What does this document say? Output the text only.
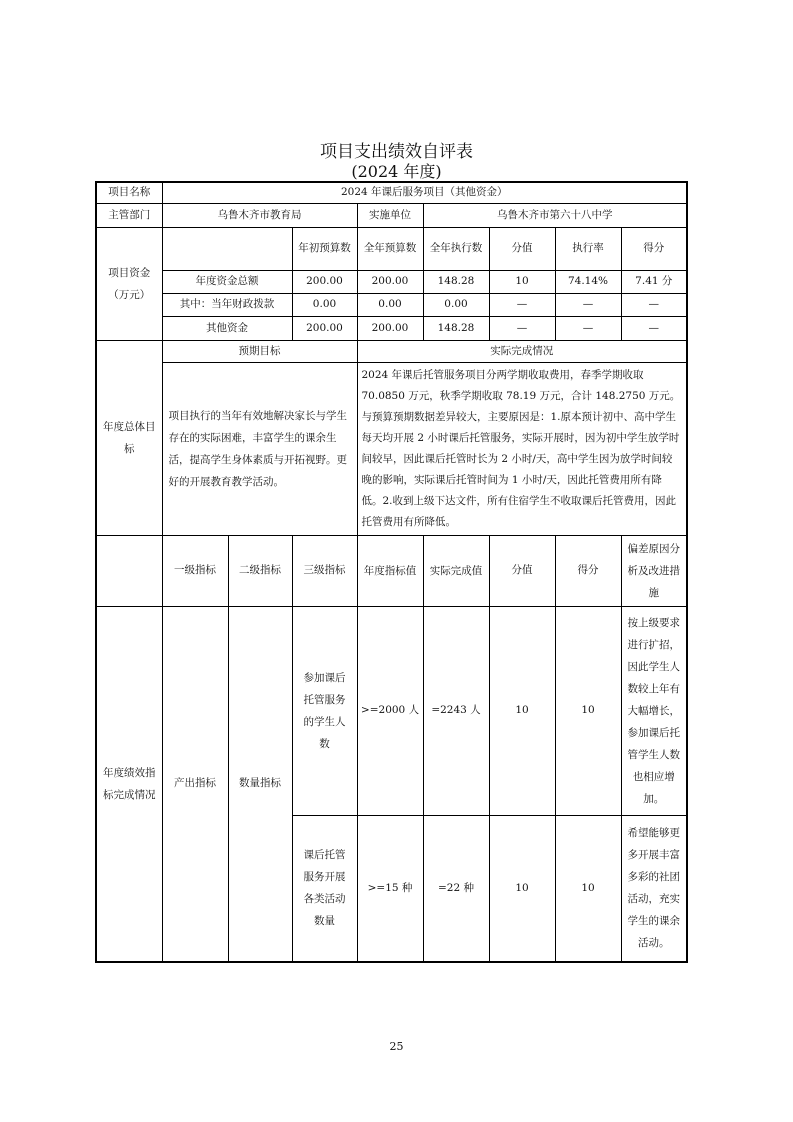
项目支出绩效自评表
(2024 年度)
项目名称	2024 年课后服务项目（其他资金）							
主管部门	乌鲁木齐市教育局			实施单位	乌鲁木齐市第六十八中学			
项目资金（万元）			年初预算数	全年预算数	全年执行数	分值	执行率	得分
	年度资金总额		200.00	200.00	148.28	10	74.14%	7.41 分
	其中：当年财政拨款		0.00	0.00	0.00	—	—	—
	其他资金		200.00	200.00	148.28	—	—	—
年度总体目标	预期目标			实际完成情况				
	项目执行的当年有效地解决家长与学生存在的实际困难，丰富学生的课余生活，提高学生身体素质与开拓视野。更好的开展教育教学活动。			2024 年课后托管服务项目分两学期收取费用，春季学期收取 70.0850 万元，秋季学期收取 78.19 万元，合计 148.2750 万元。与预算预期数据差异较大，主要原因是：1.原本预计初中、高中学生每天均开展 2 小时课后托管服务，实际开展时，因为初中学生放学时间较早，因此课后托管时长为 2 小时/天，高中学生因为放学时间较晚的影响，实际课后托管时间为 1 小时/天，因此托管费用所有降低。2.收到上级下达文件，所有住宿学生不收取课后托管费用，因此托管费用有所降低。				
	一级指标	二级指标	三级指标	年度指标值	实际完成值	分值	得分	偏差原因分析及改进措施
年度绩效指标完成情况	产出指标	数量指标	参加课后托管服务的学生人数	>=2000 人	=2243 人	10	10	按上级要求进行扩招，因此学生人数较上年有大幅增长，参加课后托管学生人数也相应增加。
			课后托管服务开展各类活动数量	>=15 种	=22 种	10	10	希望能够更多开展丰富多彩的社团活动，充实学生的课余活动。
25
